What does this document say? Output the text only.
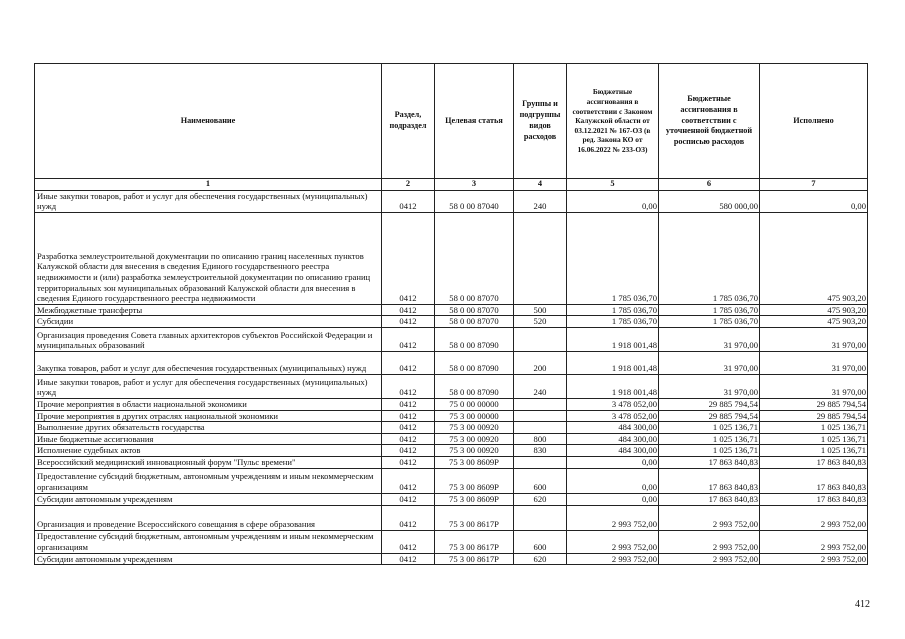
Наименование	Раздел, подраздел	Целевая статья	Группы и подгруппы видов расходов	Бюджетные ассигнования в соответствии с Законом Калужской области от 03.12.2021 № 167-ОЗ (в ред. Закона КО от 16.06.2022 № 233-ОЗ)	Бюджетные ассигнования в соответствии с уточненной бюджетной росписью расходов	Исполнено
1	2	3	4	5	6	7
Иные закупки товаров, работ и услуг для обеспечения государственных (муниципальных) нужд	0412	58 0 00 87040	240	0,00	580 000,00	0,00
Разработка землеустроительной документации по описанию границ населенных пунктов Калужской области для внесения в сведения Единого государственного реестра недвижимости и (или) разработка землеустроительной документации по описанию границ территориальных зон муниципальных образований Калужской области для внесения в сведения Единого государственного реестра недвижимости	0412	58 0 00 87070		1 785 036,70	1 785 036,70	475 903,20
Межбюджетные трансферты	0412	58 0 00 87070	500	1 785 036,70	1 785 036,70	475 903,20
Субсидии	0412	58 0 00 87070	520	1 785 036,70	1 785 036,70	475 903,20
Организация проведения Совета главных архитекторов субъектов Российской Федерации и муниципальных образований	0412	58 0 00 87090		1 918 001,48	31 970,00	31 970,00
Закупка товаров, работ и услуг для обеспечения государственных (муниципальных) нужд	0412	58 0 00 87090	200	1 918 001,48	31 970,00	31 970,00
Иные закупки товаров, работ и услуг для обеспечения государственных (муниципальных) нужд	0412	58 0 00 87090	240	1 918 001,48	31 970,00	31 970,00
Прочие мероприятия в области национальной экономики	0412	75 0 00 00000		3 478 052,00	29 885 794,54	29 885 794,54
Прочие мероприятия в других отраслях национальной экономики	0412	75 3 00 00000		3 478 052,00	29 885 794,54	29 885 794,54
Выполнение других обязательств государства	0412	75 3 00 00920		484 300,00	1 025 136,71	1 025 136,71
Иные бюджетные ассигнования	0412	75 3 00 00920	800	484 300,00	1 025 136,71	1 025 136,71
Исполнение судебных актов	0412	75 3 00 00920	830	484 300,00	1 025 136,71	1 025 136,71
Всероссийский медицинский инновационный форум "Пульс времени"	0412	75 3 00 8609Р		0,00	17 863 840,83	17 863 840,83
Предоставление субсидий бюджетным, автономным учреждениям и иным некоммерческим организациям	0412	75 3 00 8609Р	600	0,00	17 863 840,83	17 863 840,83
Субсидии автономным учреждениям	0412	75 3 00 8609Р	620	0,00	17 863 840,83	17 863 840,83
Организация и проведение Всероссийского совещания в сфере образования	0412	75 3 00 8617Р		2 993 752,00	2 993 752,00	2 993 752,00
Предоставление субсидий бюджетным, автономным учреждениям и иным некоммерческим организациям	0412	75 3 00 8617Р	600	2 993 752,00	2 993 752,00	2 993 752,00
Субсидии автономным учреждениям	0412	75 3 00 8617Р	620	2 993 752,00	2 993 752,00	2 993 752,00
412
